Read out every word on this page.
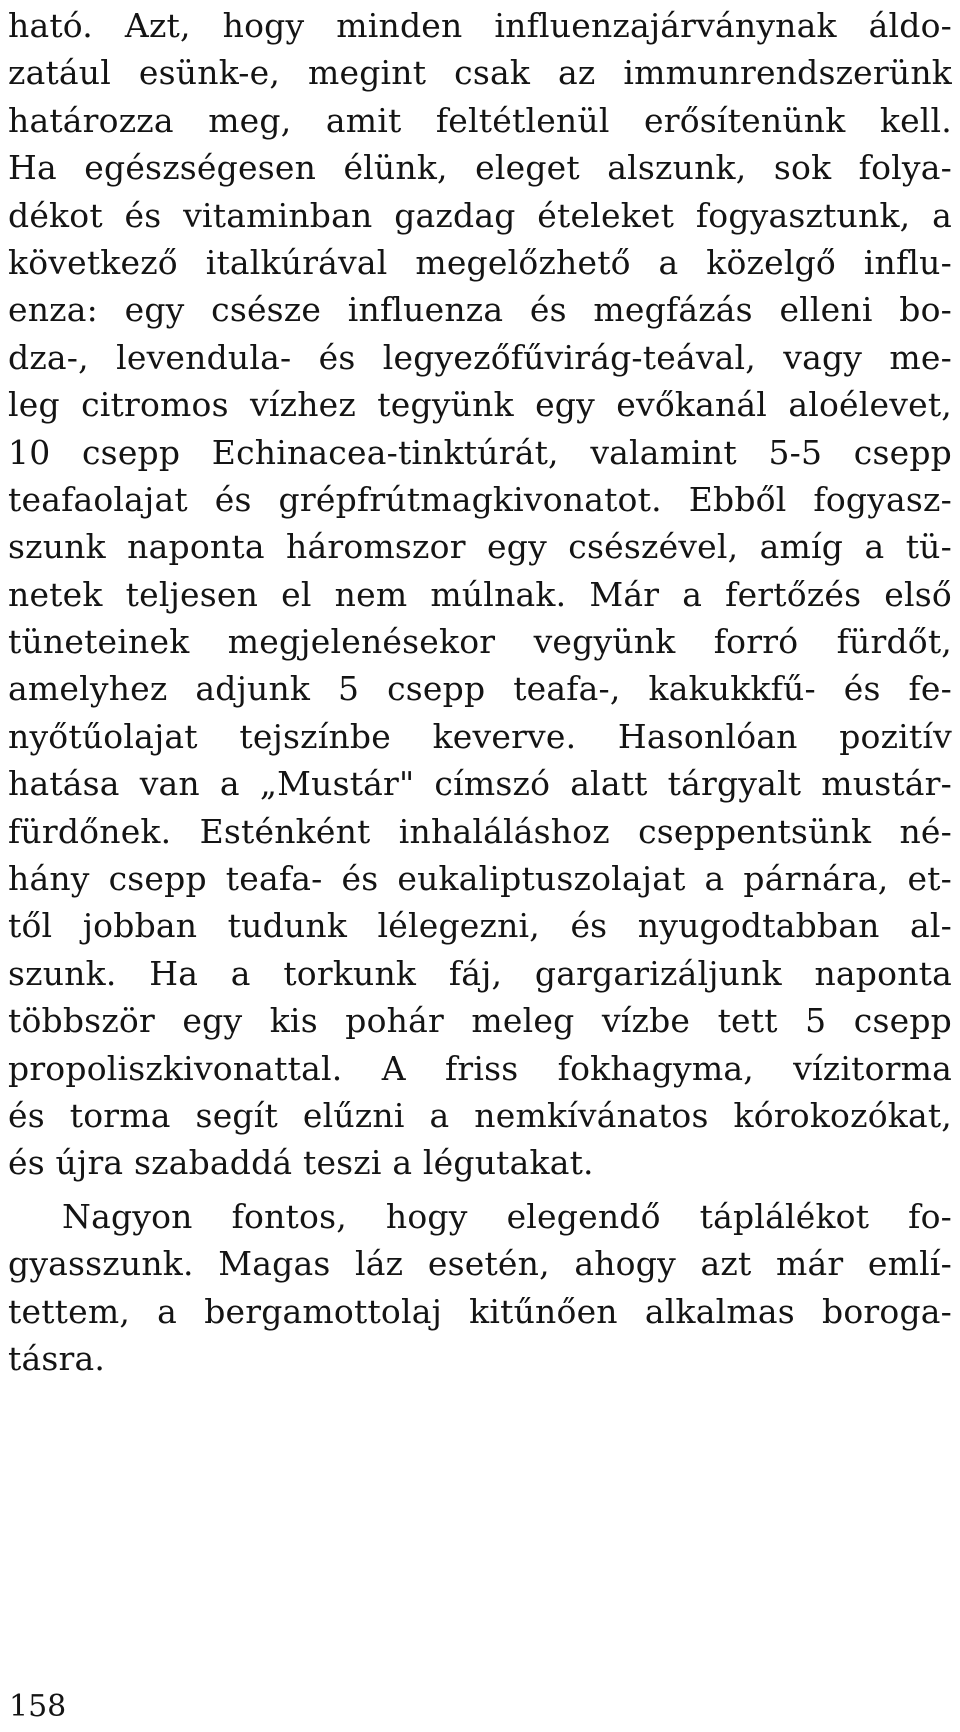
ható. Azt, hogy minden influenzajárványnak áldo-
zatául esünk-e, megint csak az immunrendszerünk
határozza meg, amit feltétlenül erősítenünk kell.
Ha egészségesen élünk, eleget alszunk, sok folya-
dékot és vitaminban gazdag ételeket fogyasztunk, a
következő italkúrával megelőzhető a közelgő influ-
enza: egy csésze influenza és megfázás elleni bo-
dza-, levendula- és legyezőfűvirág-teával, vagy me-
leg citromos vízhez tegyünk egy evőkanál aloélevet,
10 csepp Echinacea-tinktúrát, valamint 5-5 csepp
teafaolajat és grépfrútmagkivonatot. Ebből fogyasz-
szunk naponta háromszor egy csészével, amíg a tü-
netek teljesen el nem múlnak. Már a fertőzés első
tüneteinek megjelenésekor vegyünk forró fürdőt,
amelyhez adjunk 5 csepp teafa-, kakukkfű- és fe-
nyőtűolajat tejszínbe keverve. Hasonlóan pozitív
hatása van a „Mustár" címszó alatt tárgyalt mustár-
fürdőnek. Esténként inhaláláshoz cseppentsünk né-
hány csepp teafa- és eukaliptuszolajat a párnára, et-
től jobban tudunk lélegezni, és nyugodtabban al-
szunk. Ha a torkunk fáj, gargarizáljunk naponta
többször egy kis pohár meleg vízbe tett 5 csepp
propoliszkivonattal. A friss fokhagyma, vízitorma
és torma segít elűzni a nemkívánatos kórokozókat,
és újra szabaddá teszi a légutakat.
Nagyon fontos, hogy elegendő táplálékot fo-
gyasszunk. Magas láz esetén, ahogy azt már emlí-
tettem, a bergamottolaj kitűnően alkalmas boroga-
tásra.
158
